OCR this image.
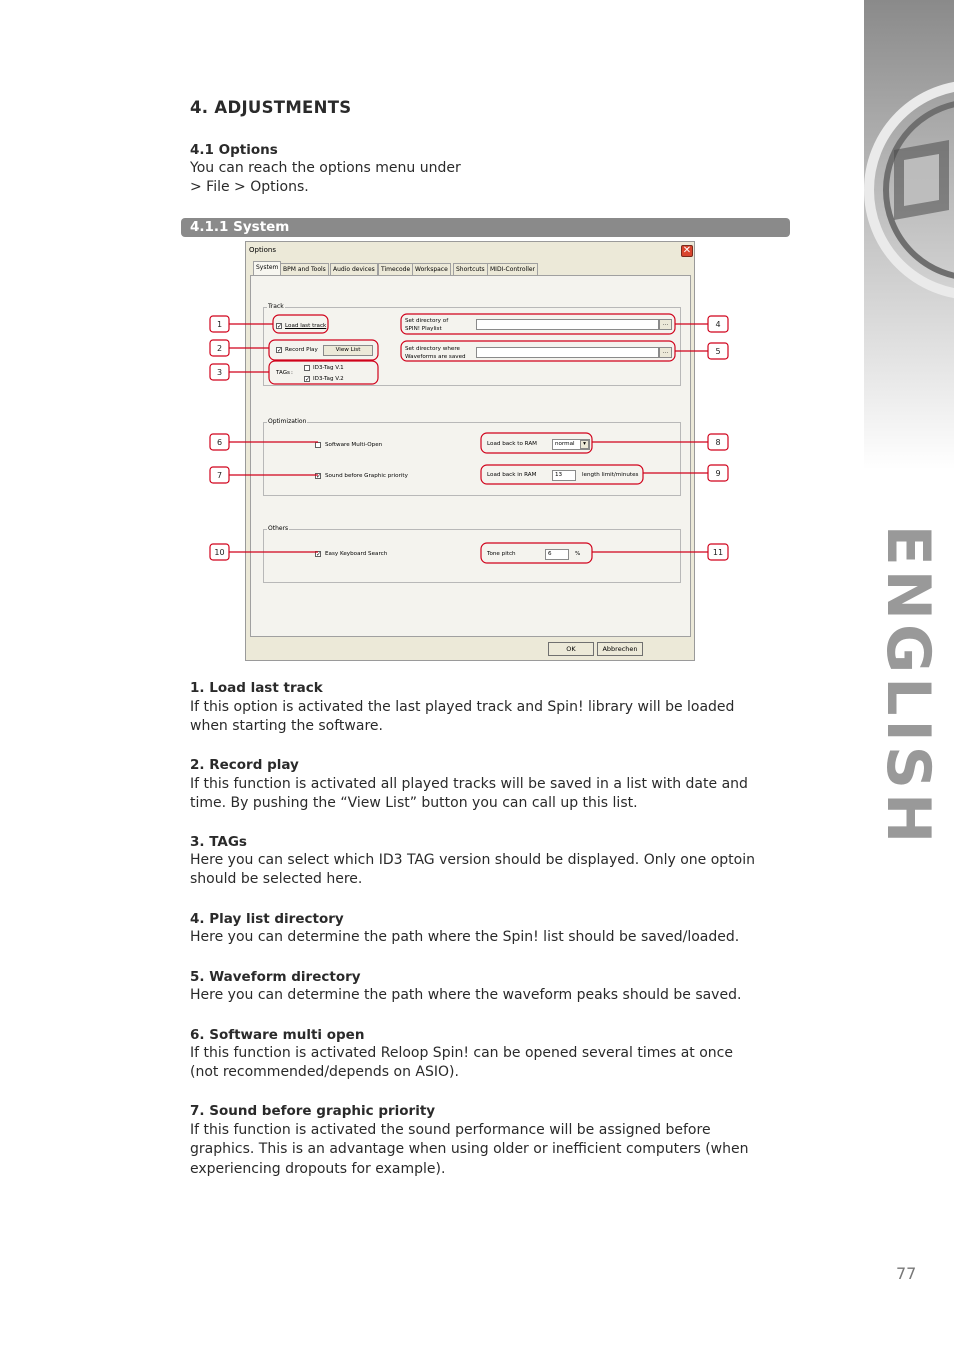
ENGLISH
4. ADJUSTMENTS
4.1 Options
You can reach the options menu under
> File > Options.
4.1.1 System
Options	✕
System BPM and Tools	Audio devices	Timecode Workspace	Shortcuts MIDI-Controller
Track
✓ Load last track
✓ Record Play	View List
TAGs :
ID3-Tag V.1
✓ ID3-Tag V.2
Set directory of
SPIN! Playlist
...
Set directory where
Waveforms are saved
...
Optimization
Software Multi-Open	Load back to RAM	normal	▾
✓ Sound before Graphic priority	Load back in RAM	13	length limit/minutes
Others
✓ Easy Keyboard Search	Tone pitch	6	%
OK	Abbrechen
1
2
3
4
5
6
7
8
9
10	11
1. Load last track
If this option is activated the last played track and Spin! library will be loaded
when starting the software.
2. Record play
If this function is activated all played tracks will be saved in a list with date and
time. By pushing the “View List” button you can call up this list.
3. TAGs
Here you can select which ID3 TAG version should be displayed. Only one optoin
should be selected here.
4. Play list directory
Here you can determine the path where the Spin! list should be saved/loaded.
5. Waveform directory
Here you can determine the path where the waveform peaks should be saved.
6. Software multi open
If this function is activated Reloop Spin! can be opened several times at once
(not recommended/depends on ASIO).
7. Sound before graphic priority
If this function is activated the sound performance will be assigned before
graphics. This is an advantage when using older or inefficient computers (when
experiencing dropouts for example).
77
